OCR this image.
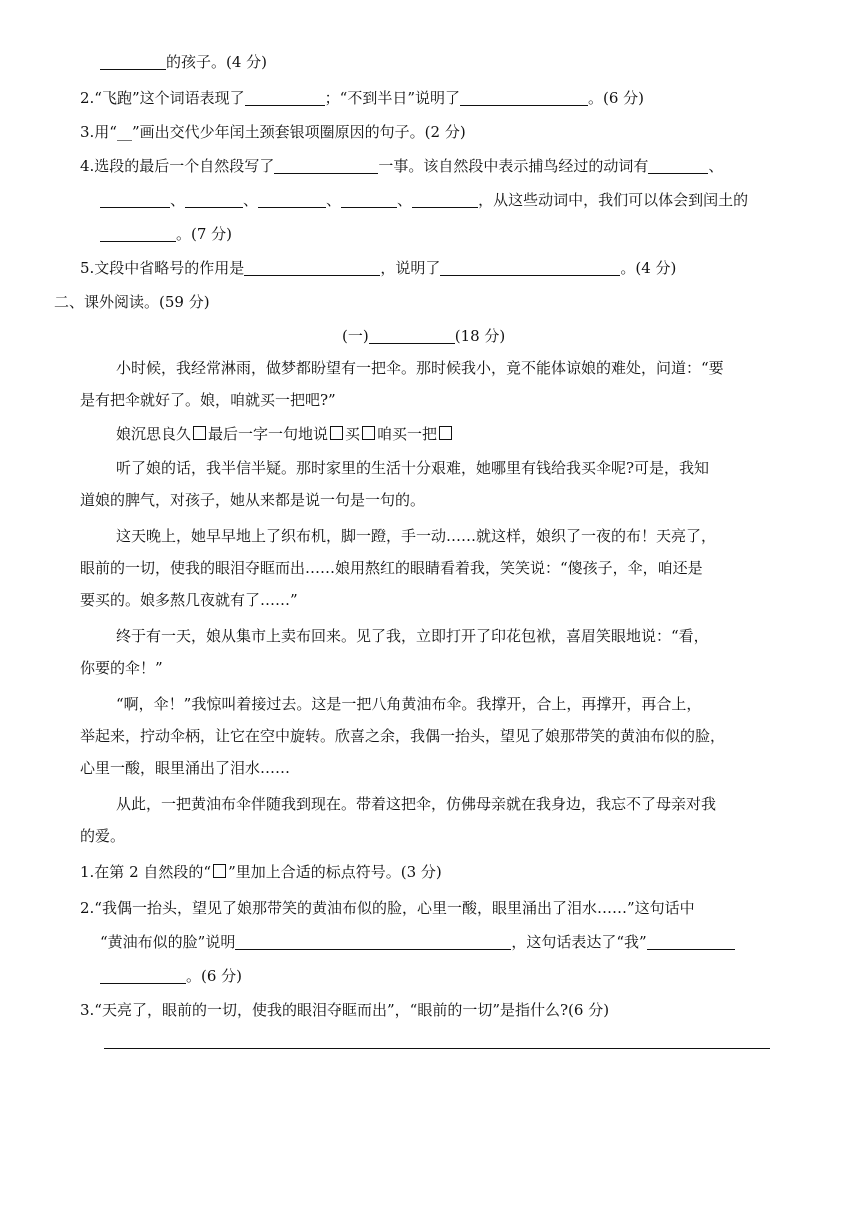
的孩子。(4 分)
2.“飞跑”这个词语表现了	；“不到半日”说明了	。(6 分)
3.用“__”画出交代少年闰土颈套银项圈原因的句子。(2 分)
4.选段的最后一个自然段写了	一事。该自然段中表示捕鸟经过的动词有	、
、	、	、	、	，从这些动词中，我们可以体会到闰土的
。(7 分)
5.文段中省略号的作用是	，说明了	。(4 分)
二、课外阅读。(59 分)
(一)	(18 分)
小时候，我经常淋雨，做梦都盼望有一把伞。那时候我小，竟不能体谅娘的难处，问道：“要
是有把伞就好了。娘，咱就买一把吧?”
娘沉思良久 最后一字一句地说 买 咱买一把
听了娘的话，我半信半疑。那时家里的生活十分艰难，她哪里有钱给我买伞呢?可是，我知
道娘的脾气，对孩子，她从来都是说一句是一句的。
这天晚上，她早早地上了织布机，脚一蹬，手一动……就这样，娘织了一夜的布！天亮了，
眼前的一切，使我的眼泪夺眶而出……娘用熬红的眼睛看着我，笑笑说：“傻孩子，伞，咱还是
要买的。娘多熬几夜就有了……”
终于有一天，娘从集市上卖布回来。见了我，立即打开了印花包袱，喜眉笑眼地说：“看，
你要的伞！”
“啊，伞！”我惊叫着接过去。这是一把八角黄油布伞。我撑开，合上，再撑开，再合上，
举起来，拧动伞柄，让它在空中旋转。欣喜之余，我偶一抬头，望见了娘那带笑的黄油布似的脸，
心里一酸，眼里涌出了泪水……
从此，一把黄油布伞伴随我到现在。带着这把伞，仿佛母亲就在我身边，我忘不了母亲对我
的爱。
1.在第 2 自然段的“ ”里加上合适的标点符号。(3 分)
2.“我偶一抬头，望见了娘那带笑的黄油布似的脸，心里一酸，眼里涌出了泪水……”这句话中
“黄油布似的脸”说明	，这句话表达了“我”
。(6 分)
3.“天亮了，眼前的一切，使我的眼泪夺眶而出”，“眼前的一切”是指什么?(6 分)
